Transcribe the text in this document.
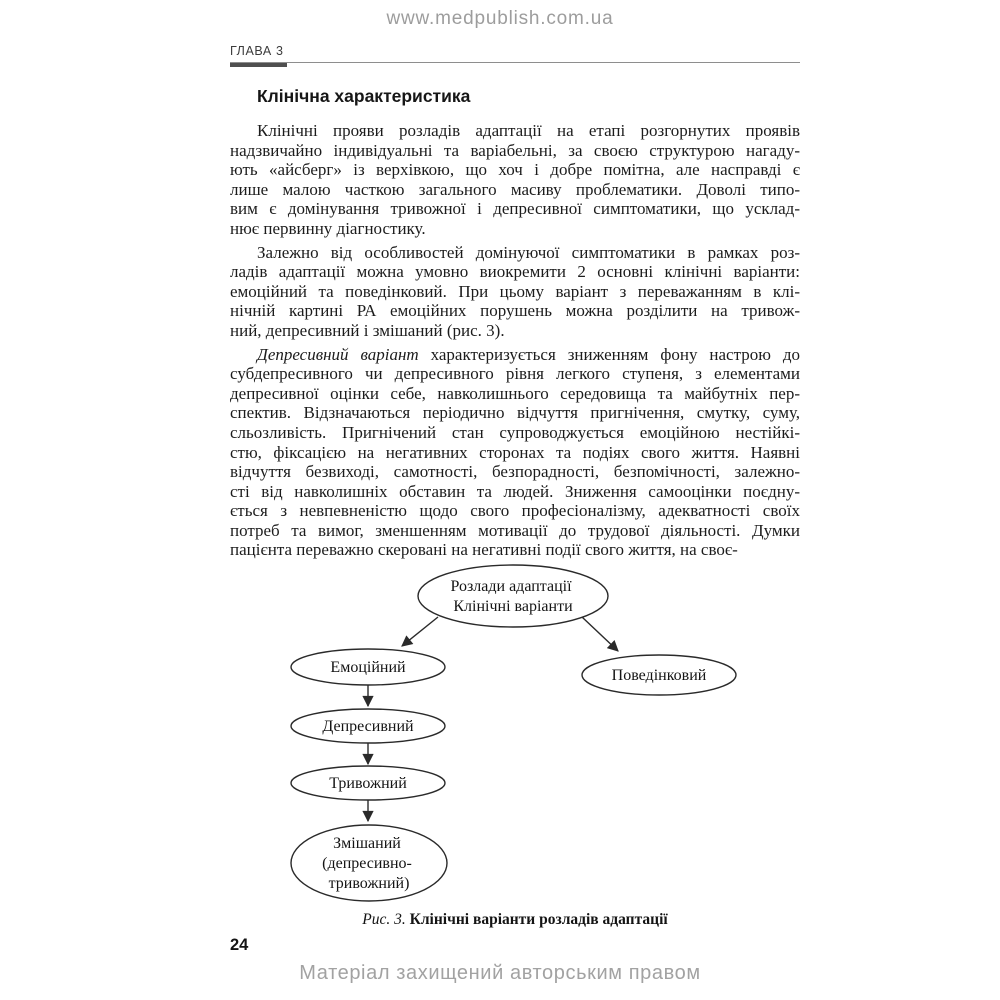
www.medpublish.com.ua
ГЛАВА 3
Клінічна характеристика
Клінічні прояви розладів адаптації на етапі розгорнутих проявів
надзвичайно індивідуальні та варіабельні, за своєю структурою нагаду-
ють «айсберг» із верхівкою, що хоч і добре помітна, але насправді є
лише малою часткою загального масиву проблематики. Доволі типо-
вим є домінування тривожної і депресивної симптоматики, що усклад-
нює первинну діагностику.
Залежно від особливостей домінуючої симптоматики в рамках роз-
ладів адаптації можна умовно виокремити 2 основні клінічні варіанти:
емоційний та поведінковий. При цьому варіант з переважанням в клі-
нічній картині РА емоційних порушень можна розділити на тривож-
ний, депресивний і змішаний (рис. 3).
Депресивний варіант характеризується зниженням фону настрою до
субдепресивного чи депресивного рівня легкого ступеня, з елементами
депресивної оцінки себе, навколишнього середовища та майбутніх пер-
спектив. Відзначаються періодично відчуття пригнічення, смутку, суму,
сльозливість. Пригнічений стан супроводжується емоційною нестійкі-
стю, фіксацією на негативних сторонах та подіях свого життя. Наявні
відчуття безвиході, самотності, безпорадності, безпомічності, залежно-
сті від навколишніх обставин та людей. Зниження самооцінки поєдну-
ється з невпевненістю щодо свого професіоналізму, адекватності своїх
потреб та вимог, зменшенням мотивації до трудової діяльності. Думки
пацієнта переважно скеровані на негативні події свого життя, на своє-
Розлади адаптації Клінічні варіанти
Емоційний	Поведінковий
Депресивний
Тривожний
Змішаний (депресивно- тривожний)
Рис. 3. Клінічні варіанти розладів адаптації
24
Матеріал захищений авторським правом
